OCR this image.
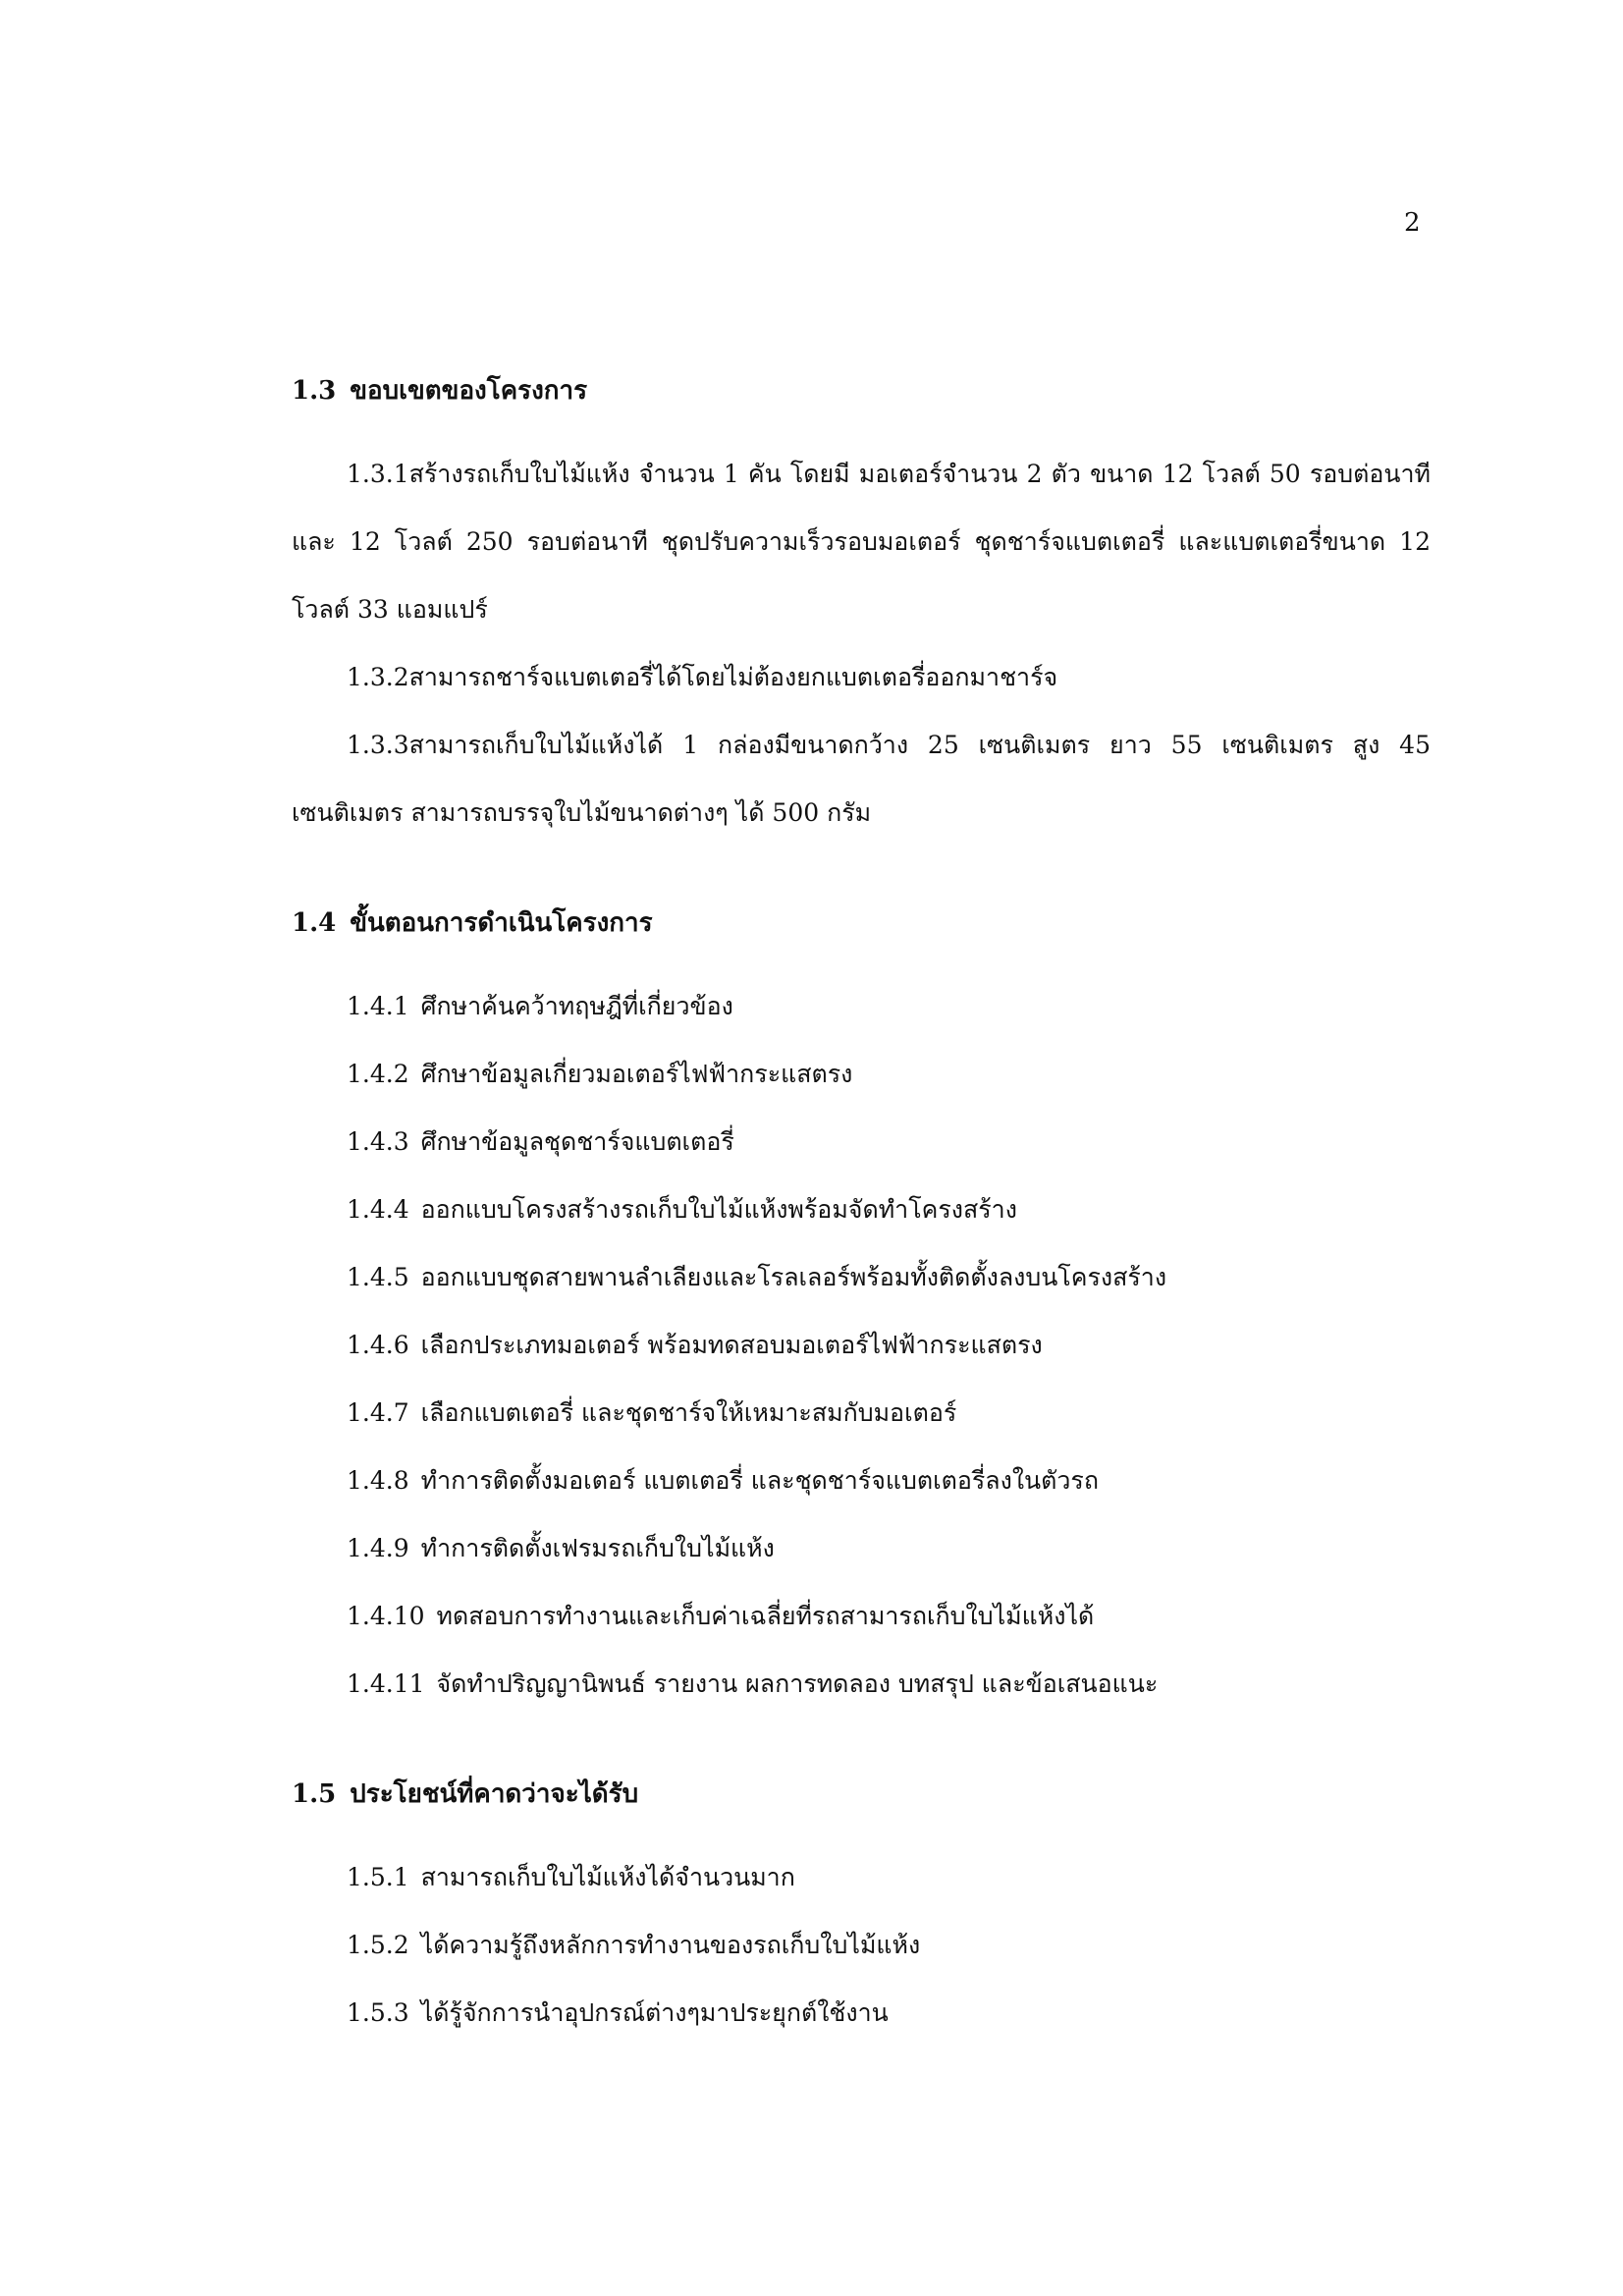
2
1.3 ขอบเขตของโครงการ

1.3.1สร้างรถเก็บใบไม้แห้ง จำนวน 1 คัน โดยมี มอเตอร์จำนวน 2 ตัว ขนาด 12 โวลต์ 50 รอบต่อนาที และ 12 โวลต์ 250 รอบต่อนาที ชุดปรับความเร็วรอบมอเตอร์ ชุดชาร์จแบตเตอรี่ และแบตเตอรี่ขนาด 12 โวลต์ 33 แอมแปร์

1.3.2สามารถชาร์จแบตเตอรี่ได้โดยไม่ต้องยกแบตเตอรี่ออกมาชาร์จ

1.3.3สามารถเก็บใบไม้แห้งได้ 1 กล่องมีขนาดกว้าง 25 เซนติเมตร ยาว 55 เซนติเมตร สูง 45 เซนติเมตร สามารถบรรจุใบไม้ขนาดต่างๆ ได้ 500 กรัม

1.4 ขั้นตอนการดำเนินโครงการ
1.4.1 ศึกษาค้นคว้าทฤษฎีที่เกี่ยวข้อง
1.4.2 ศึกษาข้อมูลเกี่ยวมอเตอร์ไฟฟ้ากระแสตรง
1.4.3 ศึกษาข้อมูลชุดชาร์จแบตเตอรี่
1.4.4 ออกแบบโครงสร้างรถเก็บใบไม้แห้งพร้อมจัดทำโครงสร้าง
1.4.5 ออกแบบชุดสายพานลำเลียงและโรลเลอร์พร้อมทั้งติดตั้งลงบนโครงสร้าง
1.4.6 เลือกประเภทมอเตอร์ พร้อมทดสอบมอเตอร์ไฟฟ้ากระแสตรง
1.4.7 เลือกแบตเตอรี่ และชุดชาร์จให้เหมาะสมกับมอเตอร์
1.4.8 ทำการติดตั้งมอเตอร์ แบตเตอรี่ และชุดชาร์จแบตเตอรี่ลงในตัวรถ
1.4.9 ทำการติดตั้งเฟรมรถเก็บใบไม้แห้ง
1.4.10 ทดสอบการทำงานและเก็บค่าเฉลี่ยที่รถสามารถเก็บใบไม้แห้งได้
1.4.11 จัดทำปริญญานิพนธ์ รายงาน ผลการทดลอง บทสรุป และข้อเสนอแนะ
1.5 ประโยชน์ที่คาดว่าจะได้รับ
1.5.1 สามารถเก็บใบไม้แห้งได้จำนวนมาก
1.5.2 ได้ความรู้ถึงหลักการทำงานของรถเก็บใบไม้แห้ง
1.5.3 ได้รู้จักการนำอุปกรณ์ต่างๆมาประยุกต์ใช้งาน
